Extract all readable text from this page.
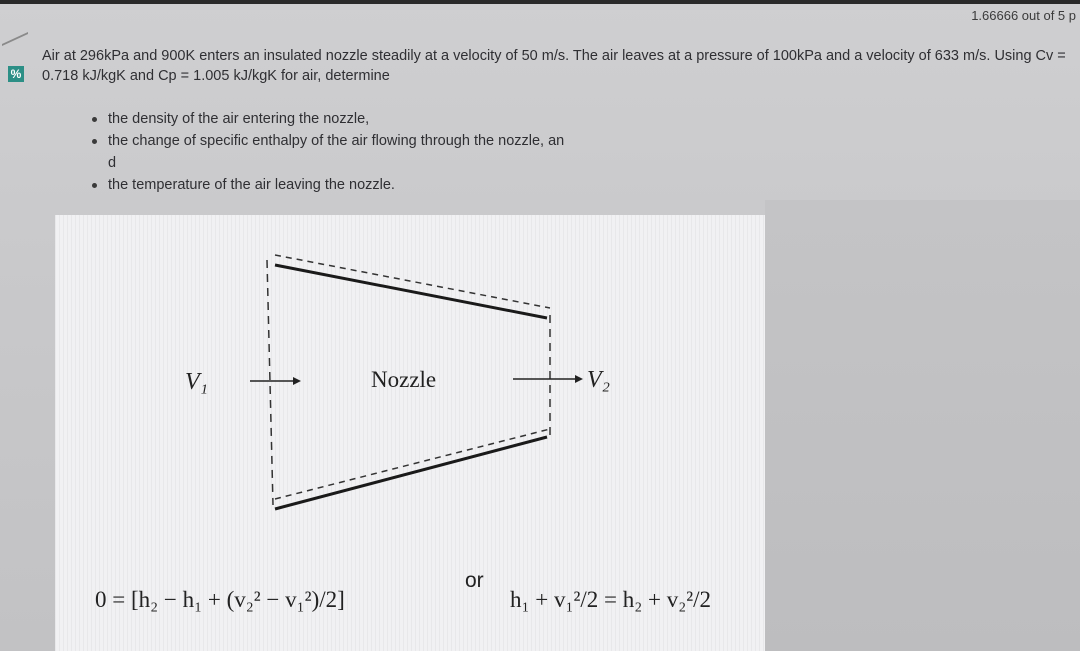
1.66666 out of 5 p
%
Air at 296kPa and 900K enters an insulated nozzle steadily at a velocity of 50 m/s. The air leaves at a pressure of 100kPa and a velocity of 633 m/s. Using Cv = 0.718 kJ/kgK and Cp = 1.005 kJ/kgK for air, determine
the density of the air entering the nozzle,
the change of specific enthalpy of the air flowing through the nozzle, an
d
the temperature of the air leaving the nozzle.
V₁	Nozzle	V₂
0 = [h₂ − h₁ + (v₂² − v₁²)/2]
or
h₁ + v₁²/2 = h₂ + v₂²/2
